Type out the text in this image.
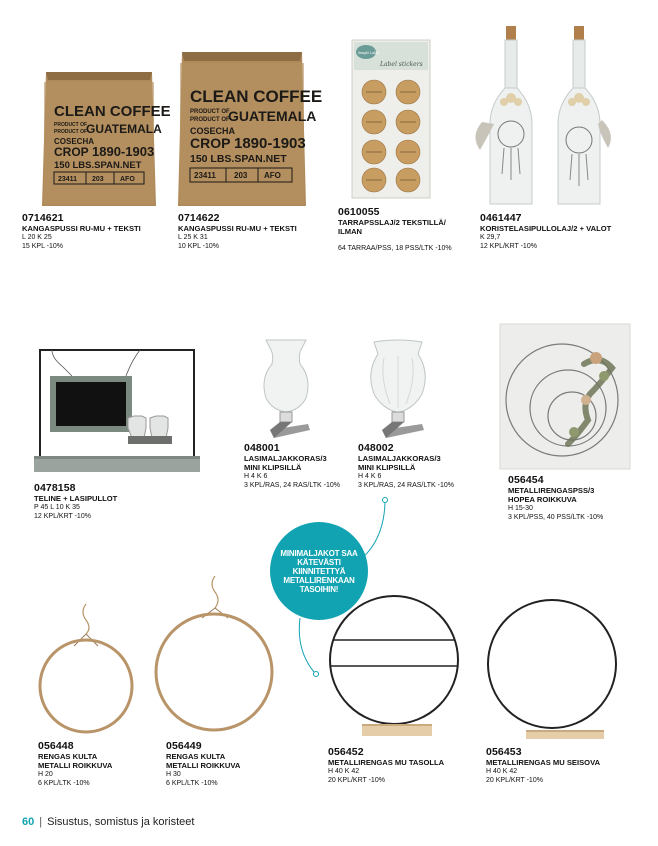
CLEAN COFFEE
PRODUCT OF
PRODUCT OF
GUATEMALA
COSECHA
CROP 1890-1903
150 LBS.SPAN.NET
23411 203 AFO
CLEAN COFFEE
PRODUCT OF
PRODUCT OF
GUATEMALA
COSECHA
CROP 1890-1903
150 LBS.SPAN.NET
23411 203 AFO
Simple Label
Label stickers
0714621
KANGASPUSSI RU-MU + TEKSTI
L 20 K 25
15 KPL -10%
0714622
KANGASPUSSI RU-MU + TEKSTI
L 25 K 31
10 KPL -10%
0610055
TARRAPSSLAJ/2 TEKSTILLÄ/
ILMAN
64 TARRAA/PSS, 18 PSS/LTK -10%
0461447
KORISTELASIPULLOLAJ/2 + VALOT
K 29,7
12 KPL/KRT -10%
0478158
TELINE + LASIPULLOT
P 45 L 10 K 35
12 KPL/KRT -10%
048001
LASIMALJAKKORAS/3
MINI KLIPSILLÄ
H 4 K 6
3 KPL/RAS, 24 RAS/LTK -10%
048002
LASIMALJAKKORAS/3
MINI KLIPSILLÄ
H 4 K 6
3 KPL/RAS, 24 RAS/LTK -10%	056454
METALLIRENGASPSS/3
HOPEA ROIKKUVA
H 15-30
3 KPL/PSS, 40 PSS/LTK -10%
MINIMALJAKOT SAA KÄTEVÄSTI KIINNITETTYÄ METALLIRENKAAN TASOIHIN!
056448
RENGAS KULTA
METALLI ROIKKUVA
H 20
6 KPL/LTK -10%
056449
RENGAS KULTA
METALLI ROIKKUVA
H 30
6 KPL/LTK -10%
056452
METALLIRENGAS MU TASOLLA
H 40 K 42
20 KPL/KRT -10%
056453
METALLIRENGAS MU SEISOVA
H 40 K 42
20 KPL/KRT -10%
60 | Sisustus, somistus ja koristeet
